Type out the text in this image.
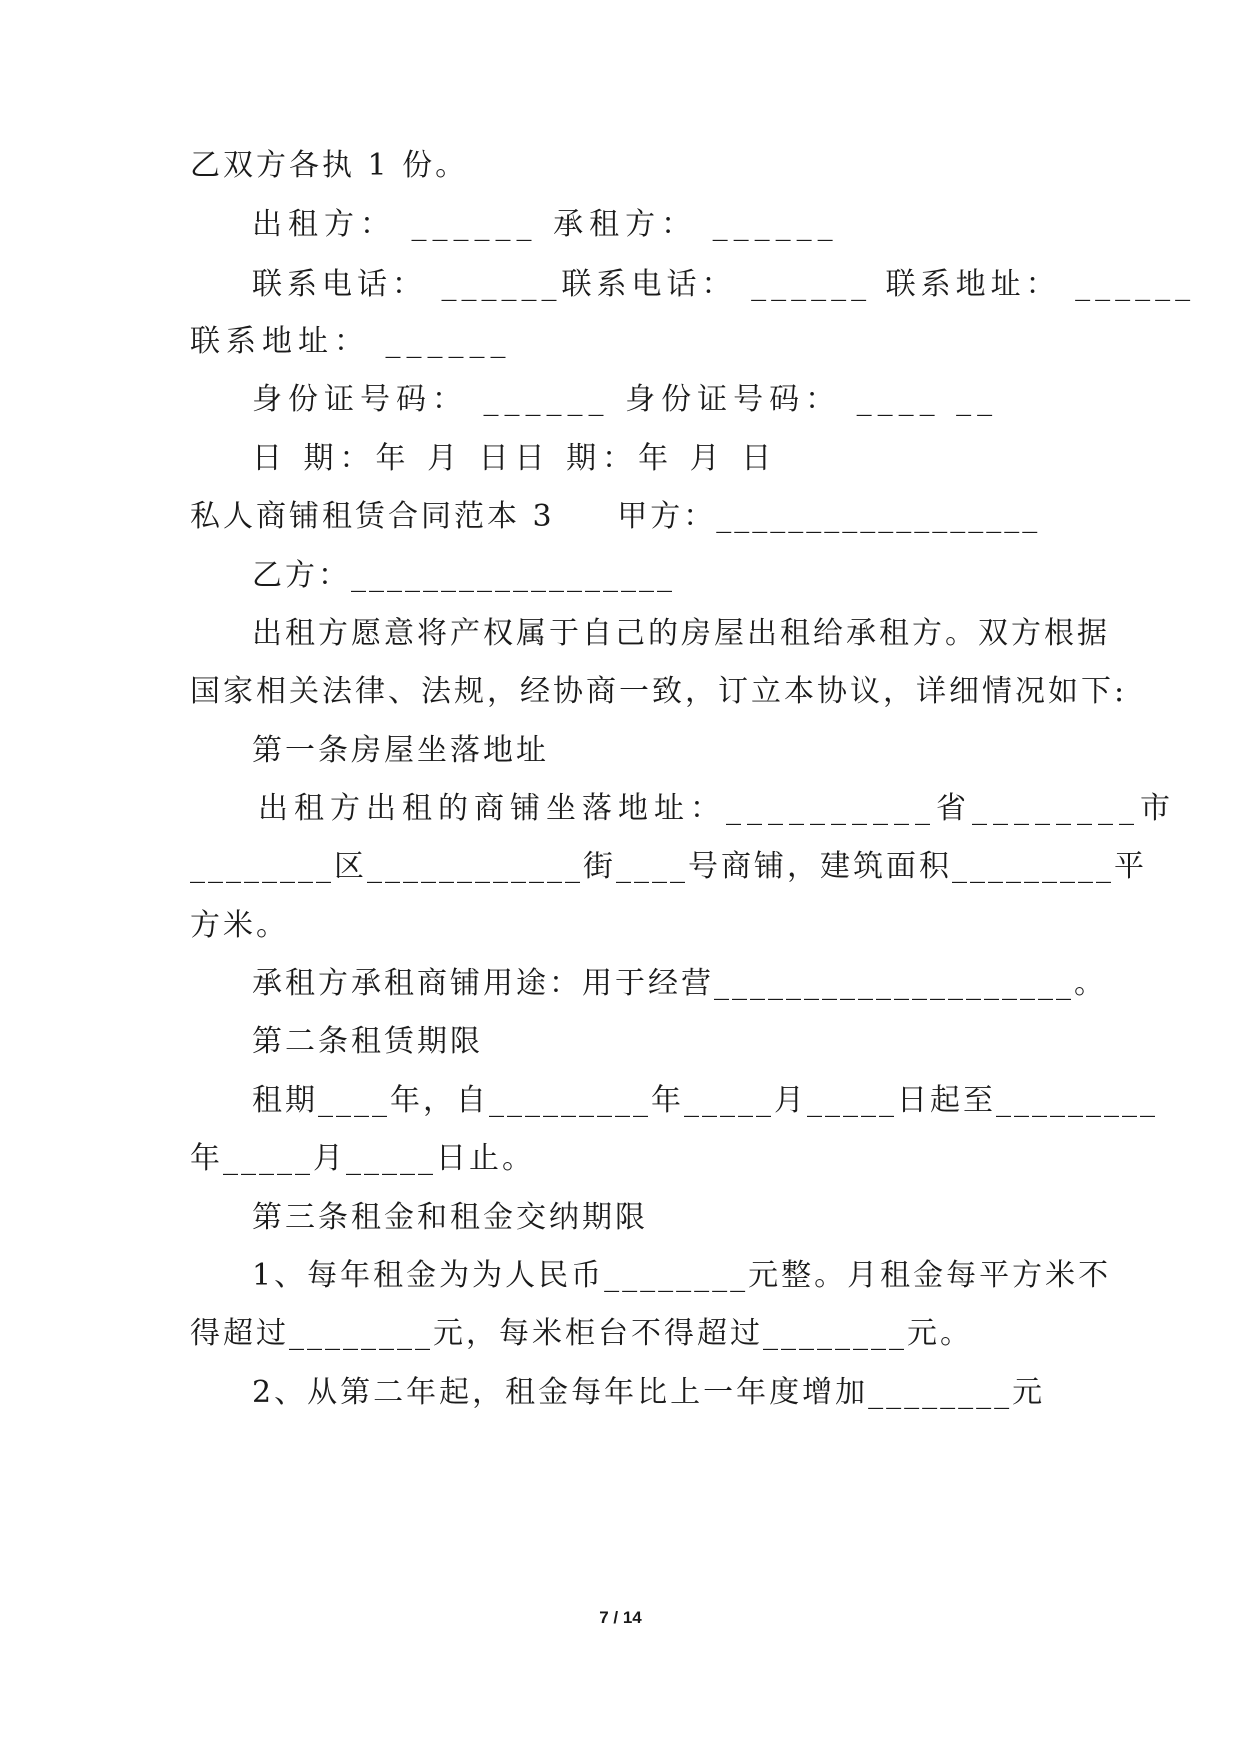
乙双方各执 1 份。
出租方： ______ 承租方： ______
联系电话： ______联系电话： ______ 联系地址： ______
联系地址： ______
身份证号码： ______ 身份证号码： ____ __
日 期：年 月 日日 期：年 月 日
私人商铺租赁合同范本 3     甲方：__________________
乙方：__________________
出租方愿意将产权属于自己的房屋出租给承租方。双方根据
国家相关法律、法规，经协商一致，订立本协议，详细情况如下:
第一条房屋坐落地址
出租方出租的商铺坐落地址：__________省________市
________区____________街____号商铺，建筑面积_________平
方米。
承租方承租商铺用途：用于经营____________________。
第二条租赁期限
租期____年，自_________年_____月_____日起至_________
年_____月_____日止。
第三条租金和租金交纳期限
1、每年租金为为人民币________元整。月租金每平方米不
得超过________元，每米柜台不得超过________元。
2、从第二年起，租金每年比上一年度增加________元
7 / 14
